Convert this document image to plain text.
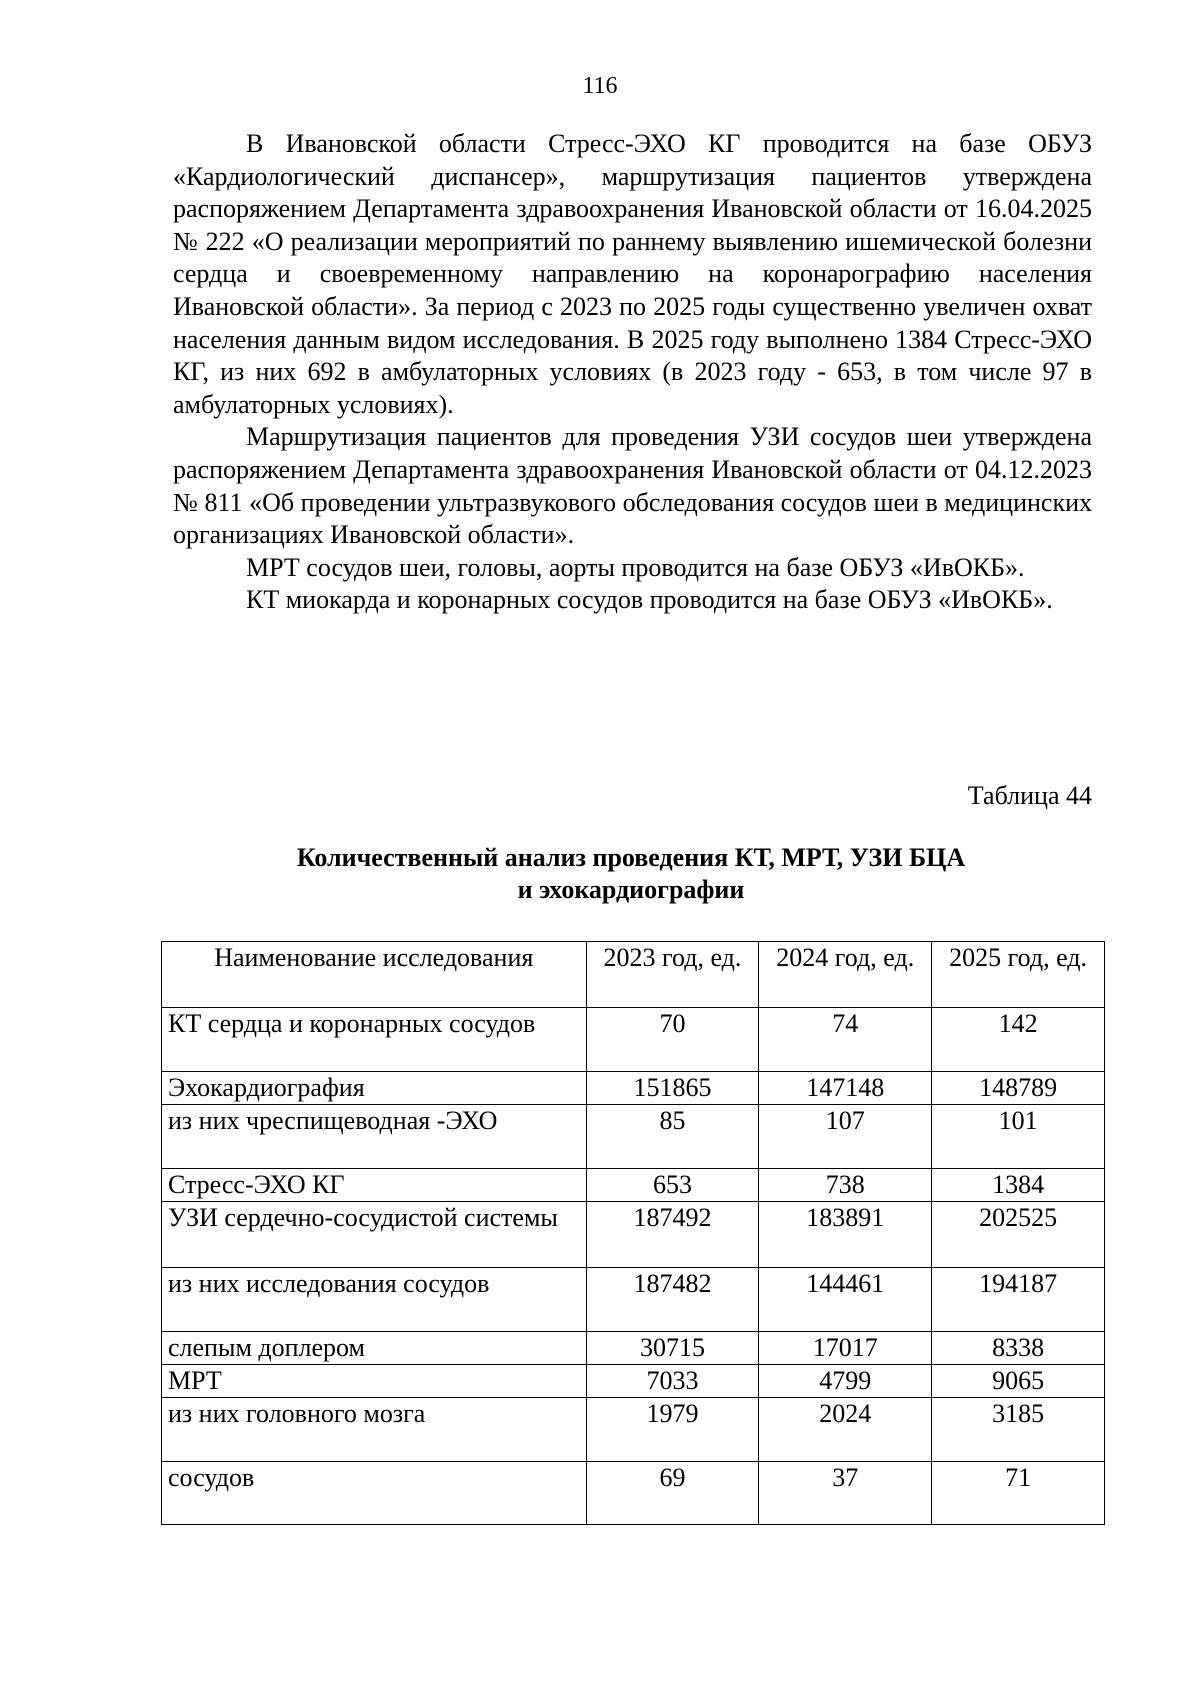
116

В Ивановской области Стресс-ЭХО КГ проводится на базе ОБУЗ «Кардиологический диспансер», маршрутизация пациентов утверждена распоряжением Департамента здравоохранения Ивановской области от 16.04.2025 № 222 «О реализации мероприятий по раннему выявлению ишемической болезни сердца и своевременному направлению на коронарографию населения Ивановской области». За период с 2023 по 2025 годы существенно увеличен охват населения данным видом исследования. В 2025 году выполнено 1384 Стресс-ЭХО КГ, из них 692 в амбулаторных условиях (в 2023 году - 653, в том числе 97 в амбулаторных условиях).

Маршрутизация пациентов для проведения УЗИ сосудов шеи утверждена распоряжением Департамента здравоохранения Ивановской области от 04.12.2023 № 811 «Об проведении ультразвукового обследования сосудов шеи в медицинских организациях Ивановской области».

МРТ сосудов шеи, головы, аорты проводится на базе ОБУЗ «ИвОКБ».

КТ миокарда и коронарных сосудов проводится на базе ОБУЗ «ИвОКБ».

Таблица 44
Количественный анализ проведения КТ, МРТ, УЗИ БЦА
и эхокардиографии
Наименование исследования	2023 год, ед.	2024 год, ед.	2025 год, ед.
КТ сердца и коронарных сосудов	70	74	142
Эхокардиография	151865	147148	148789
из них чреспищеводная -ЭХО	85	107	101
Стресс-ЭХО КГ	653	738	1384
УЗИ сердечно-сосудистой системы	187492	183891	202525
из них исследования сосудов	187482	144461	194187
слепым доплером	30715	17017	8338
МРТ	7033	4799	9065
из них головного мозга	1979	2024	3185
сосудов	69	37	71
